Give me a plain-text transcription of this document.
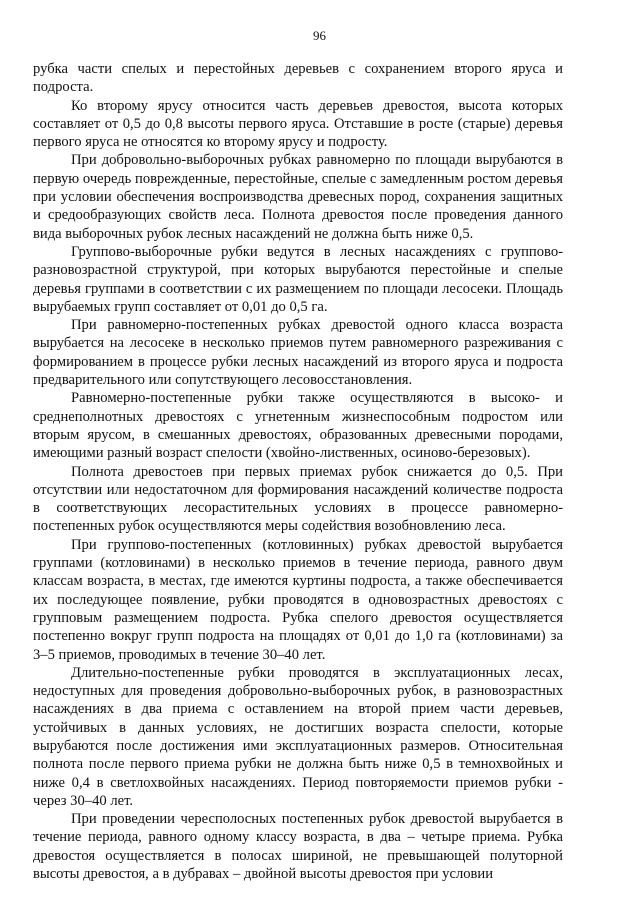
96

рубка части спелых и перестойных деревьев с сохранением второго яруса и подроста.

Ко второму ярусу относится часть деревьев древостоя, высота которых составляет от 0,5 до 0,8 высоты первого яруса. Отставшие в росте (старые) деревья первого яруса не относятся ко второму ярусу и подросту.

При добровольно-выборочных рубках равномерно по площади вырубаются в первую очередь поврежденные, перестойные, спелые с замедленным ростом деревья при условии обеспечения воспроизводства древесных пород, сохранения защитных и средообразующих свойств леса. Полнота древостоя после проведения данного вида выборочных рубок лесных насаждений не должна быть ниже 0,5.

Группово-выборочные рубки ведутся в лесных насаждениях с группово-разновозрастной структурой, при которых вырубаются перестойные и спелые деревья группами в соответствии с их размещением по площади лесосеки. Площадь вырубаемых групп составляет от 0,01 до 0,5 га.

При равномерно-постепенных рубках древостой одного класса возраста вырубается на лесосеке в несколько приемов путем равномерного разреживания с формированием в процессе рубки лесных насаждений из второго яруса и подроста предварительного или сопутствующего лесовосстановления.

Равномерно-постепенные рубки также осуществляются в высоко- и среднеполнотных древостоях с угнетенным жизнеспособным подростом или вторым ярусом, в смешанных древостоях, образованных древесными породами, имеющими разный возраст спелости (хвойно-лиственных, осиново-березовых).

Полнота древостоев при первых приемах рубок снижается до 0,5. При отсутствии или недостаточном для формирования насаждений количестве подроста в соответствующих лесорастительных условиях в процессе равномерно-постепенных рубок осуществляются меры содействия возобновлению леса.

При группово-постепенных (котловинных) рубках древостой вырубается группами (котловинами) в несколько приемов в течение периода, равного двум классам возраста, в местах, где имеются куртины подроста, а также обеспечивается их последующее появление, рубки проводятся в одновозрастных древостоях с групповым размещением подроста. Рубка спелого древостоя осуществляется постепенно вокруг групп подроста на площадях от 0,01 до 1,0 га (котловинами) за 3–5 приемов, проводимых в течение 30–40 лет.

Длительно-постепенные рубки проводятся в эксплуатационных лесах, недоступных для проведения добровольно-выборочных рубок, в разновозрастных насаждениях в два приема с оставлением на второй прием части деревьев, устойчивых в данных условиях, не достигших возраста спелости, которые вырубаются после достижения ими эксплуатационных размеров. Относительная полнота после первого приема рубки не должна быть ниже 0,5 в темнохвойных и ниже 0,4 в светлохвойных насаждениях. Период повторяемости приемов рубки - через 30–40 лет.

При проведении чересполосных постепенных рубок древостой вырубается в течение периода, равного одному классу возраста, в два – четыре приема. Рубка древостоя осуществляется в полосах шириной, не превышающей полуторной высоты древостоя, а в дубравах – двойной высоты древостоя при условии
